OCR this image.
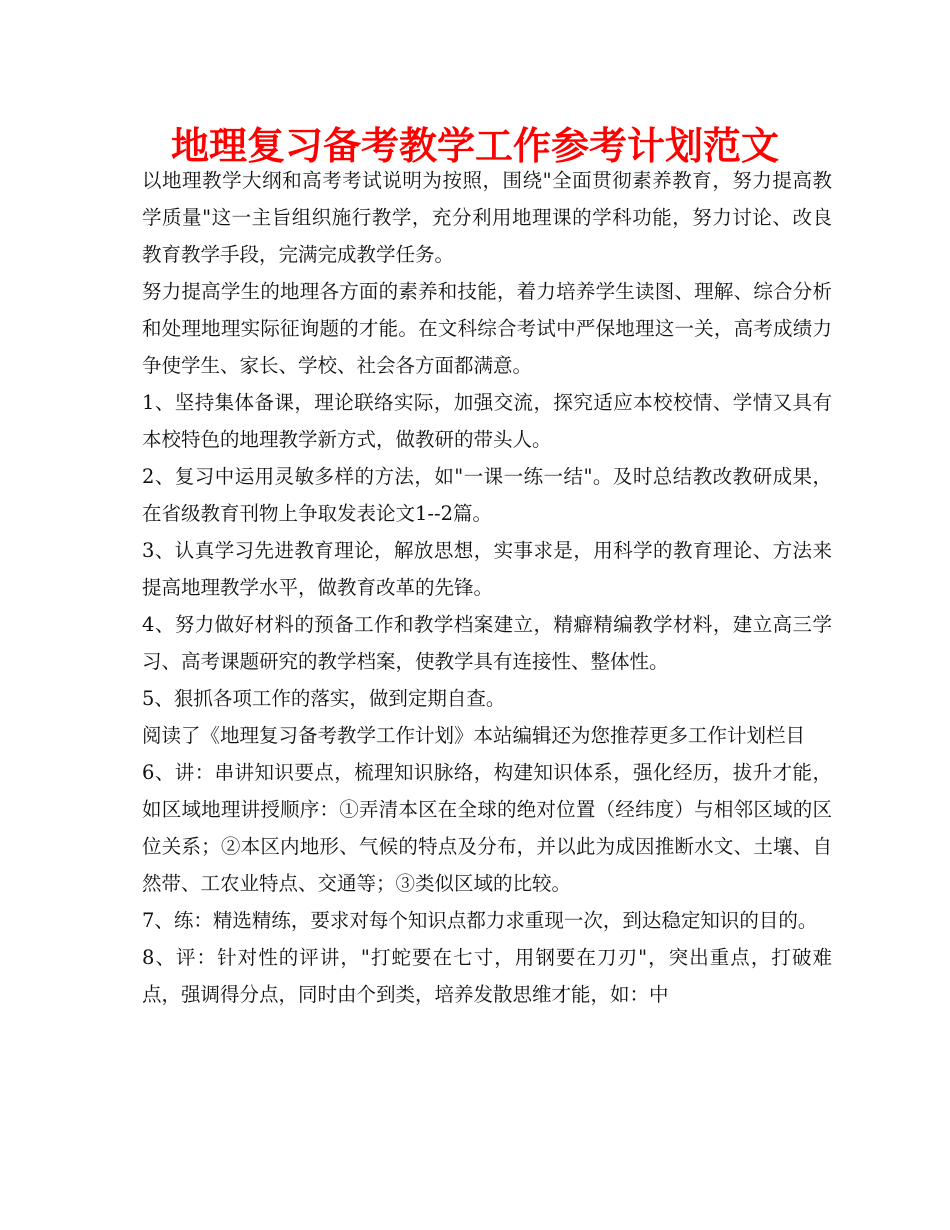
地理复习备考教学工作参考计划范文

以地理教学大纲和高考考试说明为按照，围绕"全面贯彻素养教育，努力提高教学质量"这一主旨组织施行教学，充分利用地理课的学科功能，努力讨论、改良教育教学手段，完满完成教学任务。

努力提高学生的地理各方面的素养和技能，着力培养学生读图、理解、综合分析和处理地理实际征询题的才能。在文科综合考试中严保地理这一关，高考成绩力争使学生、家长、学校、社会各方面都满意。

1、坚持集体备课，理论联络实际，加强交流，探究适应本校校情、学情又具有本校特色的地理教学新方式，做教研的带头人。

2、复习中运用灵敏多样的方法，如"一课一练一结"。及时总结教改教研成果，在省级教育刊物上争取发表论文1--2篇。

3、认真学习先进教育理论，解放思想，实事求是，用科学的教育理论、方法来提高地理教学水平，做教育改革的先锋。

4、努力做好材料的预备工作和教学档案建立，精癖精编教学材料，建立高三学习、高考课题研究的教学档案，使教学具有连接性、整体性。

5、狠抓各项工作的落实，做到定期自查。

阅读了《地理复习备考教学工作计划》本站编辑还为您推荐更多工作计划栏目

6、讲：串讲知识要点，梳理知识脉络，构建知识体系，强化经历，拔升才能，如区域地理讲授顺序：①弄清本区在全球的绝对位置（经纬度）与相邻区域的区位关系；②本区内地形、气候的特点及分布，并以此为成因推断水文、土壤、自然带、工农业特点、交通等；③类似区域的比较。

7、练：精选精练，要求对每个知识点都力求重现一次，到达稳定知识的目的。

8、评：针对性的评讲，"打蛇要在七寸，用钢要在刀刃"，突出重点，打破难点，强调得分点，同时由个到类，培养发散思维才能，如：中
